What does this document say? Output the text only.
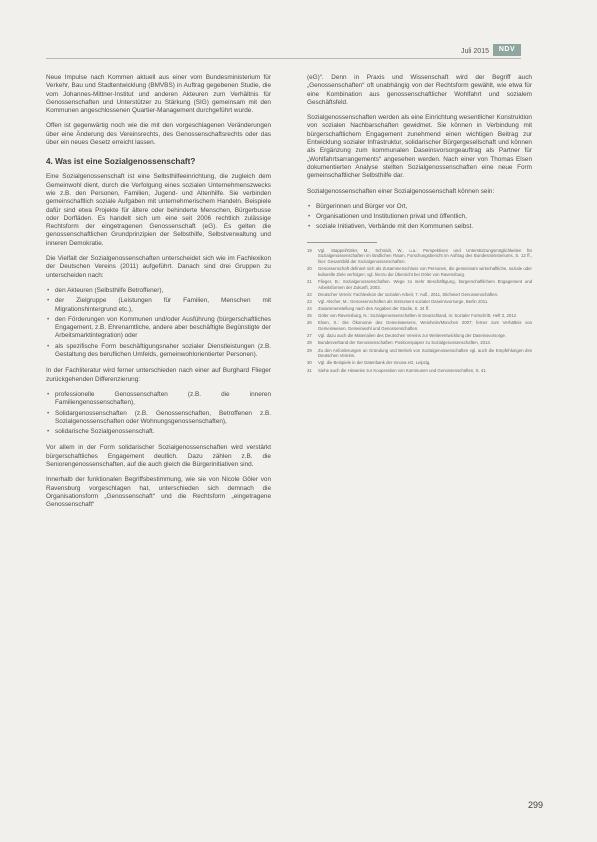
Juli 2015	NDV

Neue Impulse nach Kommen aktuell aus einer vom Bundesministerium für Verkehr, Bau und Stadtentwicklung (BMVBS) in Auftrag gegebenen Studie, die vom Johannes-Mittner-Institut und anderen Akteuren zum Verhältnis für Genossenschaften und Unterstützer zu Stärkung (SIG) gemeinsam mit den Kommunen angeschlossenen Quartier-Management durchgeführt wurde.

Offen ist gegenwärtig noch wie die mit den vorgeschlagenen Veränderungen über eine Änderung des Vereinsrechts, des Genossenschaftsrechts oder das über ein neues Gesetz erreicht lassen.

4. Was ist eine Sozialgenossenschaft?

Eine Sozialgenossenschaft ist eine Selbsthilfeeinrichtung, die zugleich dem Gemeinwohl dient, durch die Verfolgung eines sozialen Unternehmenszwecks wie z.B. den Personen, Familien, Jugend- und Altenhilfe. Sie verbinden gemeinschaftlich soziale Aufgaben mit unternehmerischem Handeln. Beispiele dafür sind etwa Projekte für ältere oder behinderte Menschen, Bürgerbusse oder Dorfläden. Es handelt sich um eine seit 2006 rechtlich zulässige Rechtsform der eingetragenen Genossenschaft (eG). Es gelten die genossenschaftlichen Grundprinzipien der Selbsthilfe, Selbstverwaltung und inneren Demokratie.

Die Vielfalt der Sozialgenossenschaften unterscheidet sich wie im Fachlexikon der Deutschen Vereins (2011) aufgeführt. Danach sind drei Gruppen zu unterscheiden nach:

• den Akteuren (Selbsthilfe Betroffener),
• der Zielgruppe (Leistungen für Familien, Menschen mit Migrationshintergrund etc.),
• den Förderungen von Kommunen und/oder Ausführung (bürgerschaftliches Engagement, z.B. Ehrenamtliche, andere aber beschäftigte Begünstigte der Arbeitsmarktintegration) oder
• als spezifische Form beschäftigungsnaher sozialer Dienstleistungen (z.B. Gestaltung des beruflichen Umfelds, gemeinwohlorientierter Personen).

In der Fachliteratur wird ferner unterschieden nach einer auf Burghard Flieger zurückgehenden Differenzierung:

• professionelle Genossenschaften (z.B. die inneren Familiengenossenschaften),
• Solidargenossenschaften (z.B. Genossenschaften, Betroffenen z.B. Sozialgenossenschaften oder Wohnungsgenossenschaften),
• solidarische Sozialgenossenschaft.

Vor allem in der Form solidarischer Sozialgenossenschaften wird verstärkt bürgerschaftliches Engagement deutlich. Dazu zählen z.B. die Seniorengenossenschaften, auf die auch gleich die Bürgerinitiativen sind.

Innerhalb der funktionalen Begriffsbestimmung, wie sie von Nicole Göler von Ravensburg vorgeschlagen hat, unterschieden sich demnach die Organisationsform „Genossenschaft“ und die Rechtsform „eingetragene Genossenschaft“

(eG)“. Denn in Praxis und Wissenschaft wird der Begriff auch „Genossenschaften“ oft unabhängig von der Rechtsform gewählt, wie etwa für eine Kombination aus genossenschaftlicher Wohlfahrt und sozialem Geschäftsfeld.

Sozialgenossenschaften werden als eine Einrichtung wesentlicher Konstruktion von sozialen Nachbarschaften gewidmet. Sie können in Verbindung mit bürgerschaftlichem Engagement zunehmend einen wichtigen Beitrag zur Entwicklung sozialer Infrastruktur, solidarischer Bürgergesellschaft und können als Ergänzung zum kommunalen Daseinsvorsorgeauftrag als Partner für „Wohlfahrtsarrangements“ angesehen werden. Nach einer von Thomas Elsen dokumentierten Analyse stellten Sozialgenossenschaften eine neue Form gemeinschaftlicher Selbsthilfe dar.

Sozialgenossenschaften einer Sozialgenossenschaft können sein:

• Bürgerinnen und Bürger vor Ort,
• Organisationen und Institutionen privat und öffentlich,
• soziale Initiativen, Verbände mit den Kommunen selbst.
19	Vgl. Stappel/Göler, M., Schmidt, W., u.a.: Perspektiven und Unterstützungsmöglichkeiten für Sozialgenossenschaften im ländlichen Raum, Forschungsbericht im Auftrag des Bundesministeriums, S. 12 ff., hier: Gesamtbild der Sozialgenossenschaften.
20	Genossenschaft definiert sich als Zusammenschluss von Personen, die gemeinsam wirtschaftliche, soziale oder kulturelle Ziele verfolgen; vgl. hierzu die Übersicht bei Göler von Ravensburg.
21	Flieger, B.: Sozialgenossenschaften. Wege zu mehr Beschäftigung, bürgerschaftlichem Engagement und Arbeitsformen der Zukunft, 2003.
22	Deutscher Verein: Fachlexikon der sozialen Arbeit, 7. Aufl., 2011, Stichwort Genossenschaften.
23	Vgl. Alscher, M.: Genossenschaften als Instrument sozialer Daseinsvorsorge, Berlin 2011.
24	Zusammenstellung nach den Angaben der Studie, S. 34 ff.
25	Göler von Ravensburg, N.: Sozialgenossenschaften in Deutschland, in: Sozialer Fortschritt, Heft 3, 2012.
26	Elsen, S.: Die Ökonomie des Gemeinwesens, Weinheim/München 2007; ferner zum Verhältnis von Gemeinwesen, Gemeinwohl und Genossenschaften.
27	Vgl. dazu auch die Materialien des Deutschen Vereins zur Weiterentwicklung der Daseinsvorsorge.
28	Bundesverband der Genossenschaften: Positionspapier zu Sozialgenossenschaften, 2013.
29	Zu den Anforderungen an Gründung und Betrieb von Sozialgenossenschaften vgl. auch die Empfehlungen des Deutschen Vereins.
30	Vgl. die Beispiele in der Datenbank der Innova eG, Leipzig.
31	Siehe auch die Hinweise zur Kooperation von Kommunen und Genossenschaften, S. 41.
299
